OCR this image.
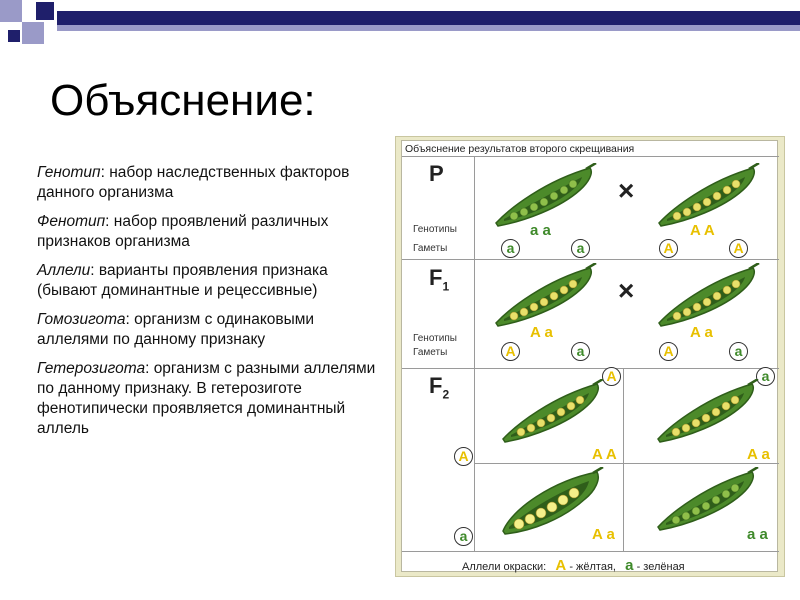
Объяснение:
Генотип: набор наследственных факторов данного организма
Фенотип: набор проявлений различных признаков организма
Аллели: варианты проявления признака (бывают доминантные и рецессивные)
Гомозигота: организм с одинаковыми аллелями по данному признаку
Гетерозигота: организм с разными аллелями по данному признаку. В гетерозиготе фенотипически проявляется доминантный аллель
Объяснение результатов второго скрещивания
P
Генотипы
Гаметы
a a
×
A A
a	a	A	A
$F_1$
Генотипы
Гаметы
A a
×
A a
A	a	A	a
$F_2$
A	a
A
a
A A	A a
A a	a a
Аллели окраски: A - жёлтая, a - зелёная
